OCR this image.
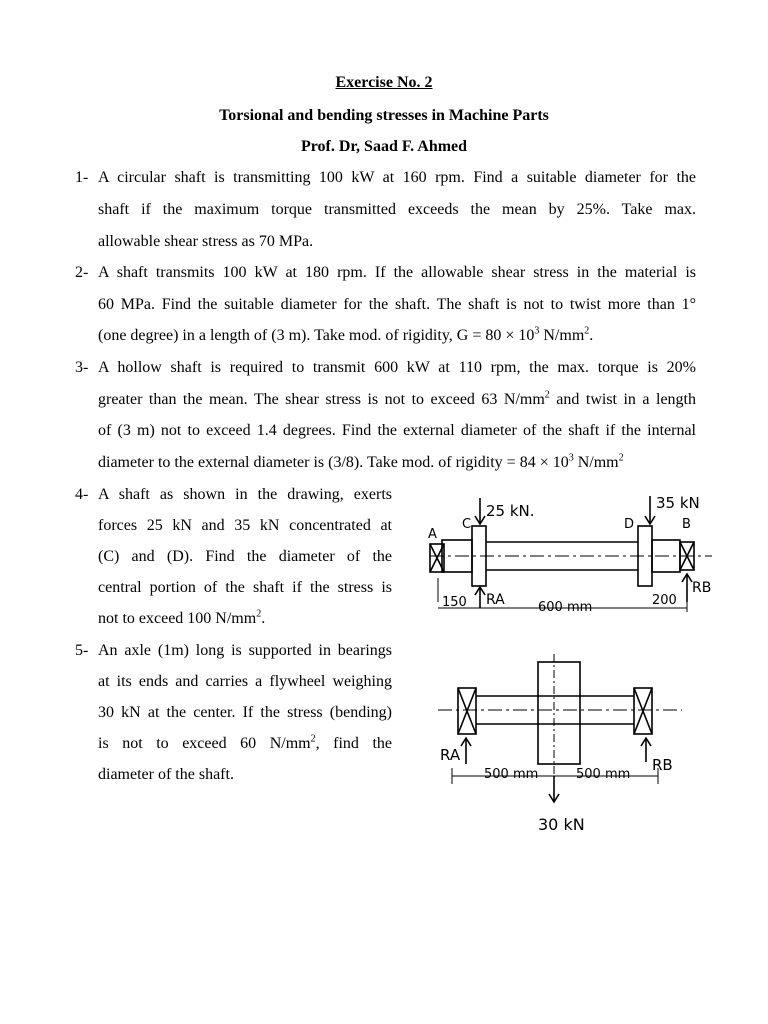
Exercise No. 2
Torsional and bending stresses in Machine Parts
Prof. Dr, Saad F. Ahmed
1- A circular shaft is transmitting 100 kW at 160 rpm. Find a suitable diameter for the
shaft if the maximum torque transmitted exceeds the mean by 25%. Take max.
allowable shear stress as 70 MPa.
2- A shaft transmits 100 kW at 180 rpm. If the allowable shear stress in the material is
60 MPa. Find the suitable diameter for the shaft. The shaft is not to twist more than 1°
(one degree) in a length of (3 m). Take mod. of rigidity, $G = 80 \times 10^3$ $N/mm^2$.
3- A hollow shaft is required to transmit 600 kW at 110 rpm, the max. torque is 20%
greater than the mean. The shear stress is not to exceed 63 $N/mm^2$ and twist in a length
of (3 m) not to exceed 1.4 degrees. Find the external diameter of the shaft if the internal
diameter to the external diameter is (3/8). Take mod. of rigidity = $84 \times 10^3$ $N/mm^2$
4- A shaft as shown in the drawing, exerts
forces 25 kN and 35 kN concentrated at
(C) and (D). Find the diameter of the
central portion of the shaft if the stress is
not to exceed 100 $N/mm^2$.
5- An axle (1m) long is supported in bearings
at its ends and carries a flywheel weighing
30 kN at the center. If the stress (bending)
is not to exceed 60 $N/mm^2$, find the
diameter of the shaft.
A
C
25 kN.
D
35 kN
B
RA
RB
150	600 mm	200
RA
RB
500 mm	500 mm
30 kN
